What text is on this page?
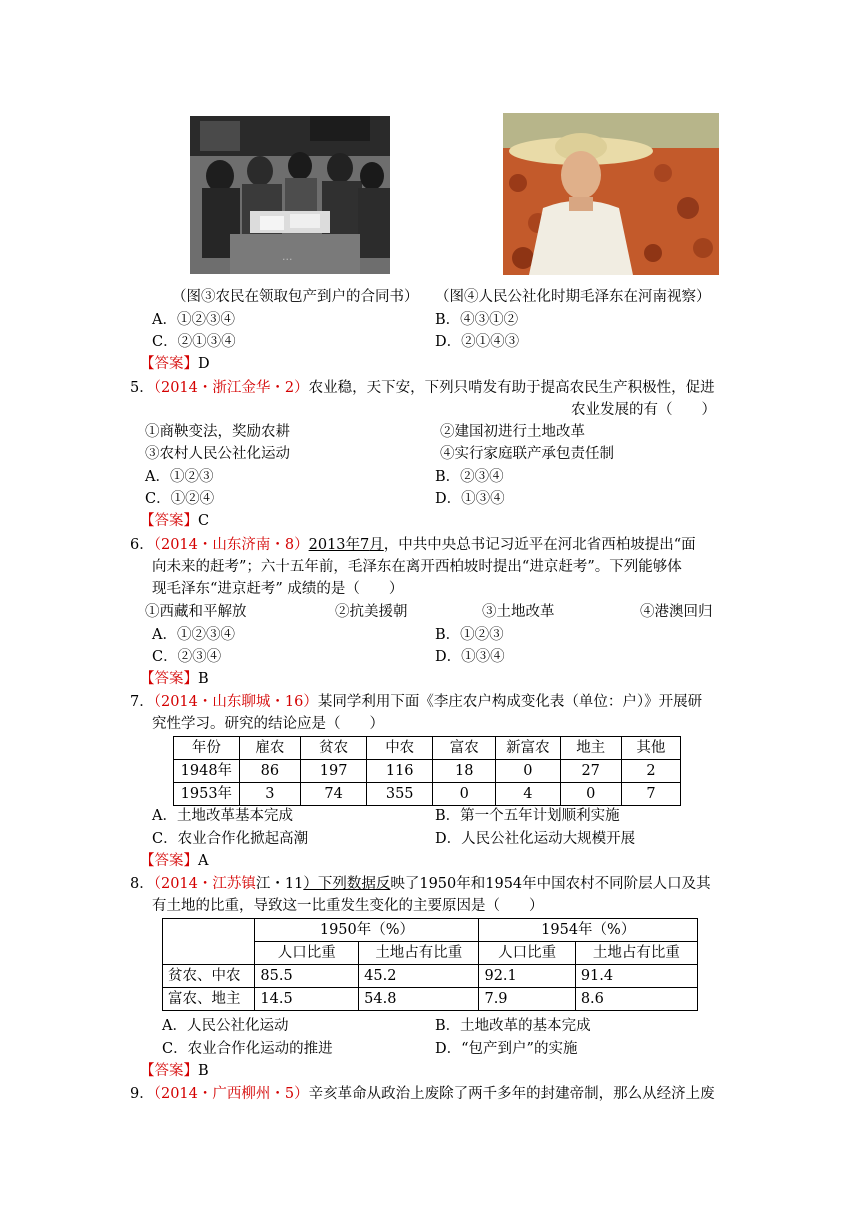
...
（图③农民在领取包产到户的合同书） （图④人民公社化时期毛泽东在河南视察）
A．①②③④	B．④③①②
C．②①③④	D．②①④③
【答案】D
5．（2014・浙江金华・2）农业稳，天下安，下列只啃发有助于提高农民生产积极性，促进
农业发展的有（　　）
①商鞅变法，奖励农耕	②建国初进行土地改革
③农村人民公社化运动	④实行家庭联产承包责任制
A．①②③	B．②③④
C．①②④	D．①③④
【答案】C
6．（2014・山东济南・8）2013年7月，中共中央总书记习近平在河北省西柏坡提出“面
向未来的赶考”；六十五年前，毛泽东在离开西柏坡时提出“进京赶考”。下列能够体
现毛泽东“进京赶考” 成绩的是（　　）
①西藏和平解放	②抗美援朝	③土地改革	④港澳回归
A．①②③④	B．①②③
C．②③④	D．①③④
【答案】B
7．（2014・山东聊城・16）某同学利用下面《李庄农户构成变化表（单位：户）》开展研
究性学习。研究的结论应是（　　）
年份	雇农	贫农	中农	富农	新富农	地主	其他
1948年	86	197	116	18	0	27	2
1953年	3	74	355	0	4	0	7
A．土地改革基本完成	B．第一个五年计划顺利实施
C．农业合作化掀起高潮	D．人民公社化运动大规模开展
【答案】A
8．（2014・江苏镇江・11）下列数据反映了1950年和1954年中国农村不同阶层人口及其
有土地的比重，导致这一比重发生变化的主要原因是（　　）
	1950年（%）		1954年（%）	
	人口比重	土地占有比重	人口比重	土地占有比重
贫农、中农	85.5	45.2	92.1	91.4
富农、地主	14.5	54.8	7.9	8.6
A．人民公社化运动	B．土地改革的基本完成
C．农业合作化运动的推进	D．“包产到户”的实施
【答案】B
9．（2014・广西柳州・5）辛亥革命从政治上废除了两千多年的封建帝制，那么从经济上废
